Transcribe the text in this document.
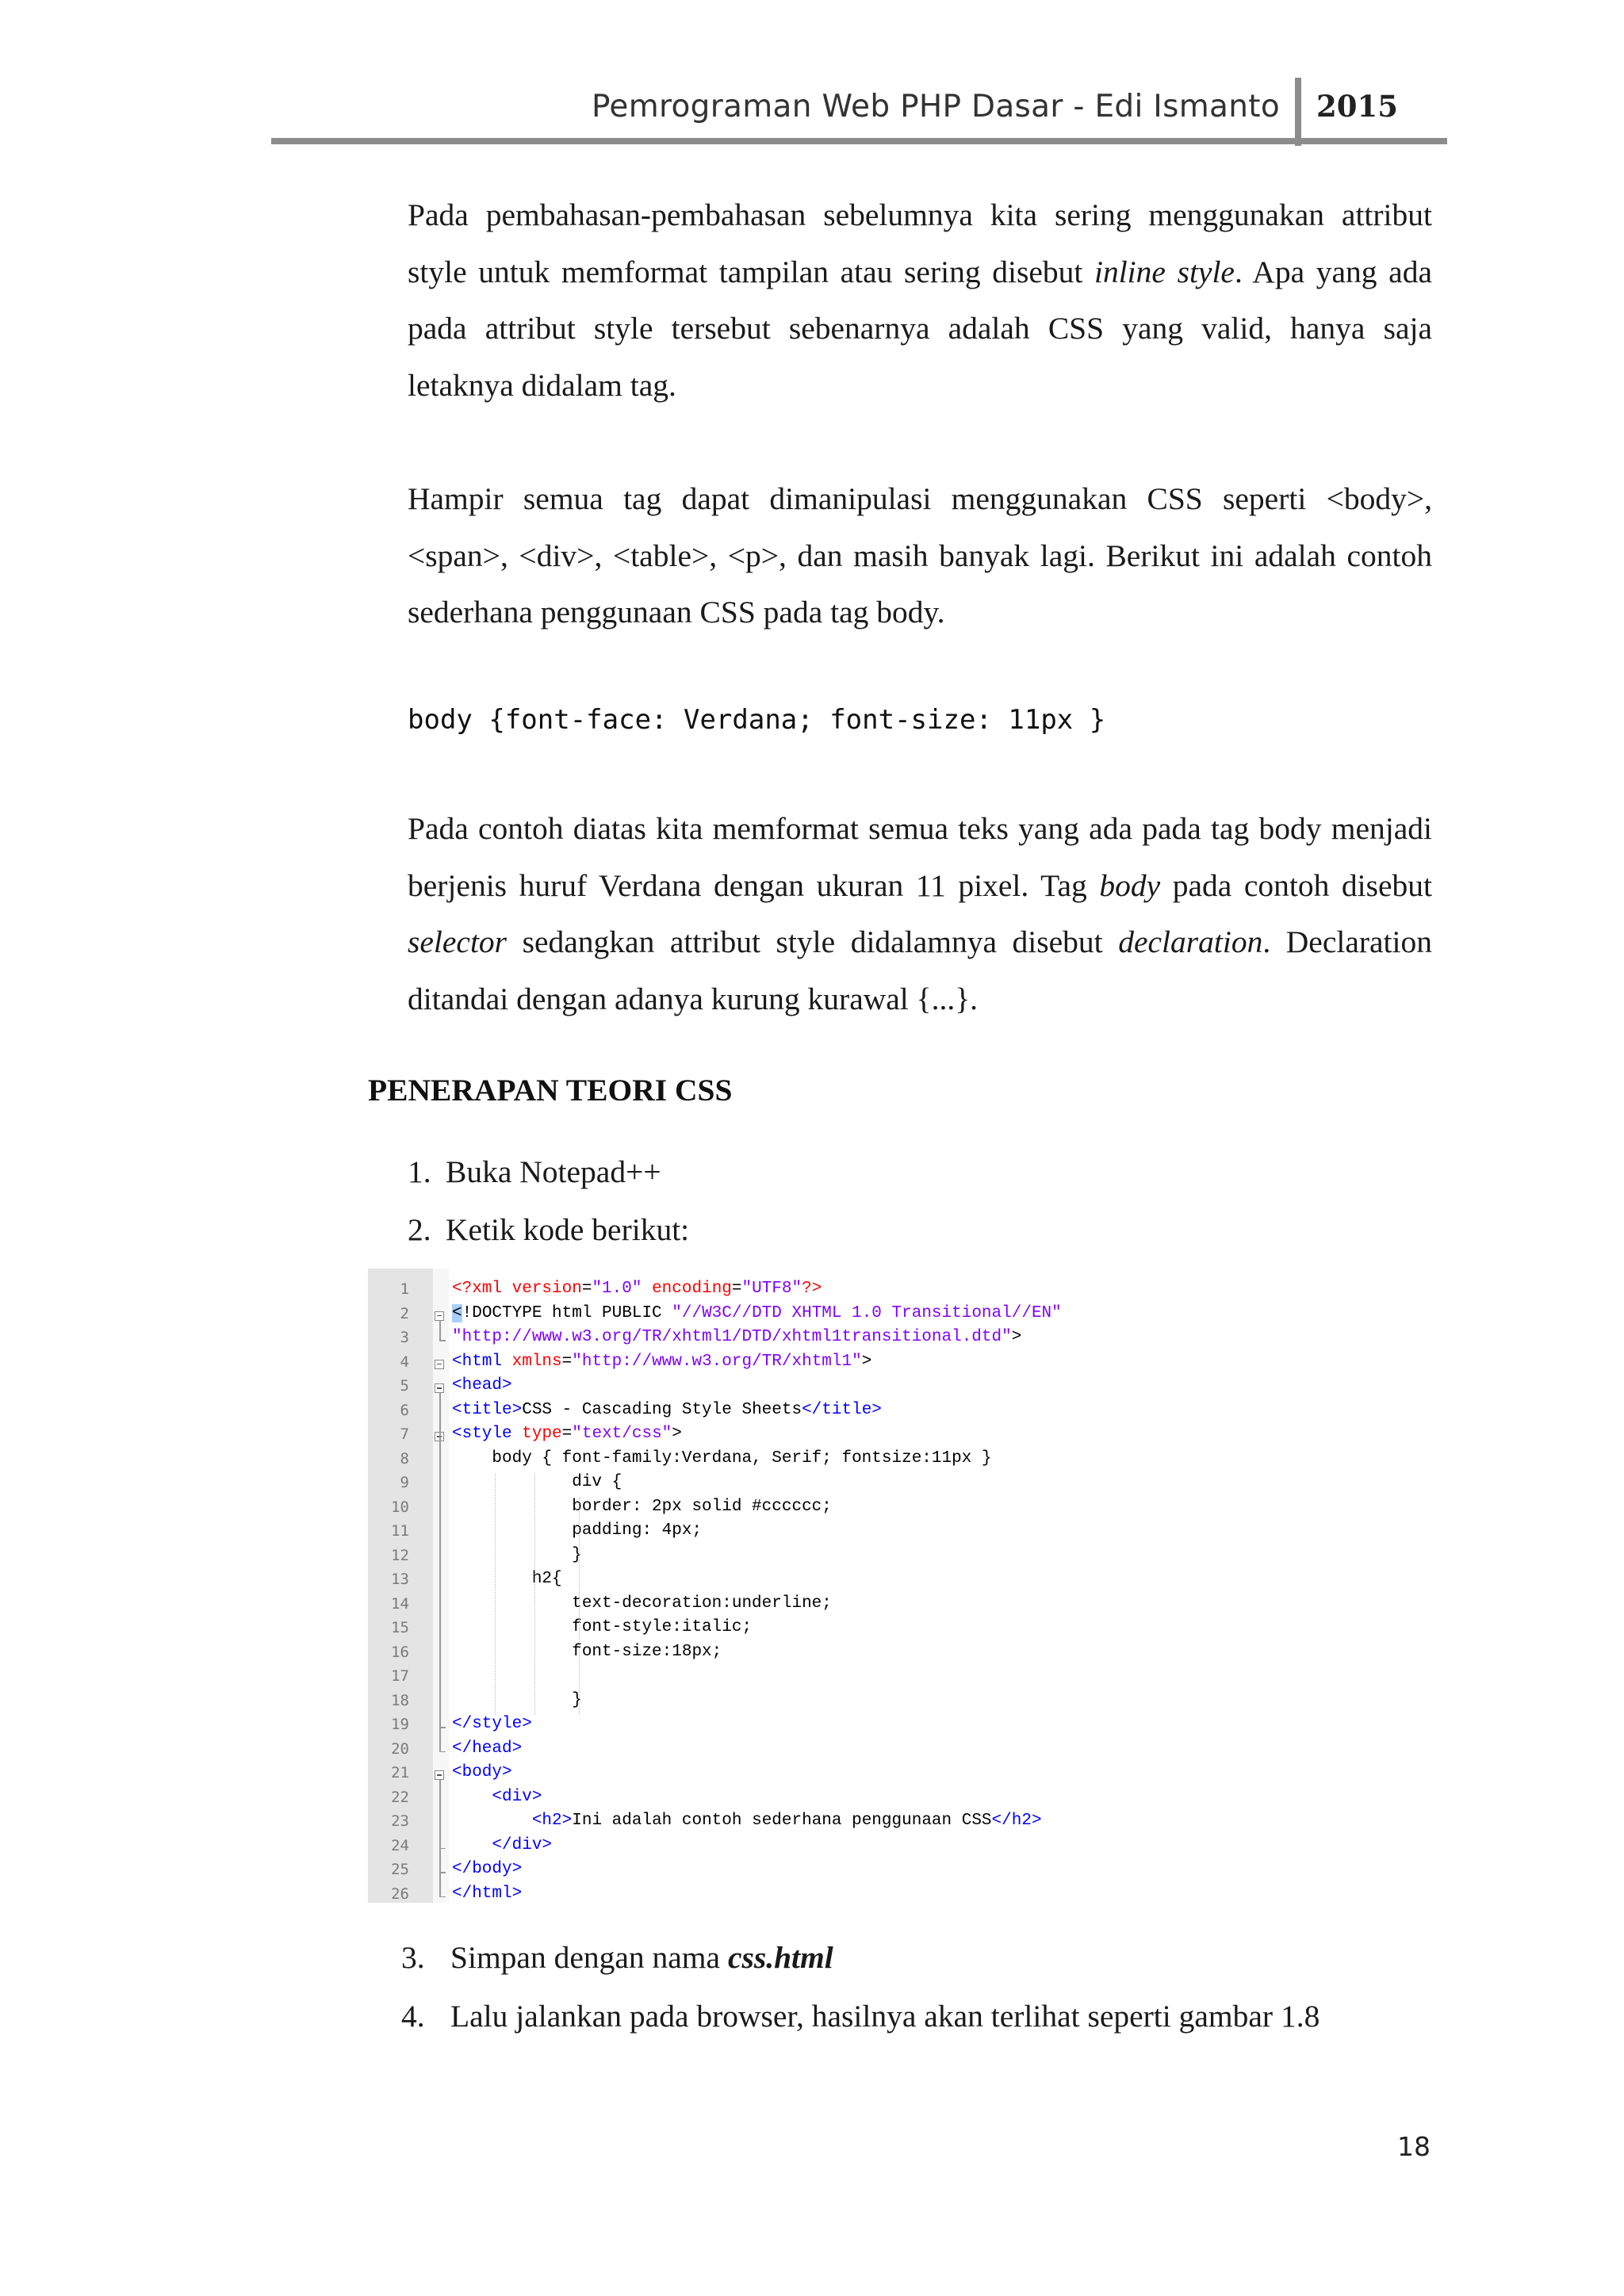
Pemrograman Web PHP Dasar - Edi Ismanto 2015

Pada pembahasan-pembahasan sebelumnya kita sering menggunakan attribut style untuk memformat tampilan atau sering disebut inline style. Apa yang ada pada attribut style tersebut sebenarnya adalah CSS yang valid, hanya saja letaknya didalam tag.

Hampir semua tag dapat dimanipulasi menggunakan CSS seperti <body>, <span>, <div>, <table>, <p>, dan masih banyak lagi. Berikut ini adalah contoh sederhana penggunaan CSS pada tag body.

body {font-face: Verdana; font-size: 11px }

Pada contoh diatas kita memformat semua teks yang ada pada tag body menjadi berjenis huruf Verdana dengan ukuran 11 pixel. Tag body pada contoh disebut selector sedangkan attribut style didalamnya disebut declaration. Declaration ditandai dengan adanya kurung kurawal {...}.

PENERAPAN TEORI CSS
1. Buka Notepad++
2. Ketik kode berikut:
1	<?xml version="1.0" encoding="UTF8"?>
2	<!DOCTYPE html PUBLIC "//W3C//DTD XHTML 1.0 Transitional//EN"
3	"http://www.w3.org/TR/xhtml1/DTD/xhtml1transitional.dtd">
4	<html xmlns="http://www.w3.org/TR/xhtml1">
5	<head>
6	<title>CSS - Cascading Style Sheets</title>
7	<style type="text/css">
8	body { font-family:Verdana, Serif; fontsize:11px }
9	div {
10	border: 2px solid #cccccc;
11	padding: 4px;
12	}
13	h2{
14	text-decoration:underline;
15	font-style:italic;
16	font-size:18px;
17
18	}
19	</style>
20	</head>
21	<body>
22	<div>
23	<h2>Ini adalah contoh sederhana penggunaan CSS</h2>
24	</div>
25	</body>
26	</html>
3. Simpan dengan nama css.html
4. Lalu jalankan pada browser, hasilnya akan terlihat seperti gambar 1.8
18
